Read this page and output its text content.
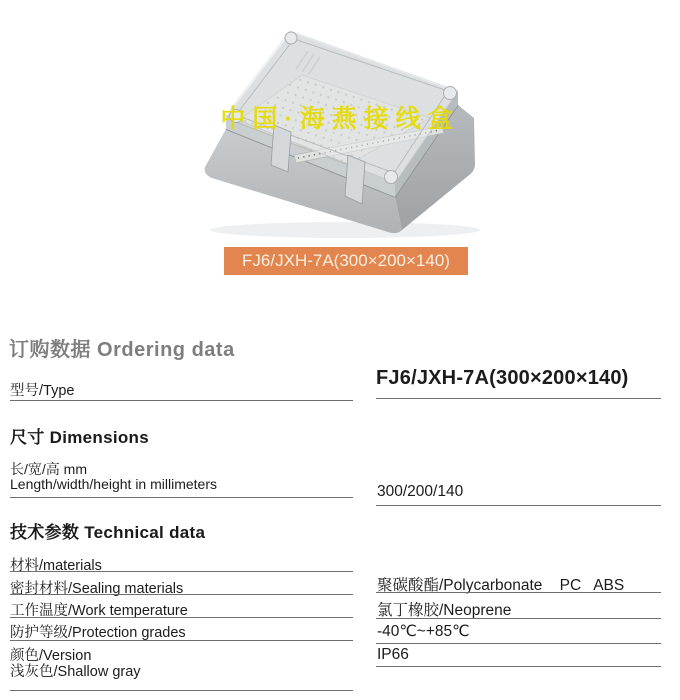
中国·海燕接线盒
FJ6/JXH-7A(300×200×140)
订购数据 Ordering data
型号/Type
FJ6/JXH-7A(300×200×140)
尺寸 Dimensions
长/宽/高 mm
Length/width/height in millimeters	300/200/140
技术参数 Technical data
材料/materials
密封材料/Sealing materials
工作温度/Work temperature
防护等级/Protection grades
颜色/Version
浅灰色/Shallow gray
聚碳酸酯/Polycarbonate    PC   ABS
氯丁橡胶/Neoprene
-40℃~+85℃
IP66
